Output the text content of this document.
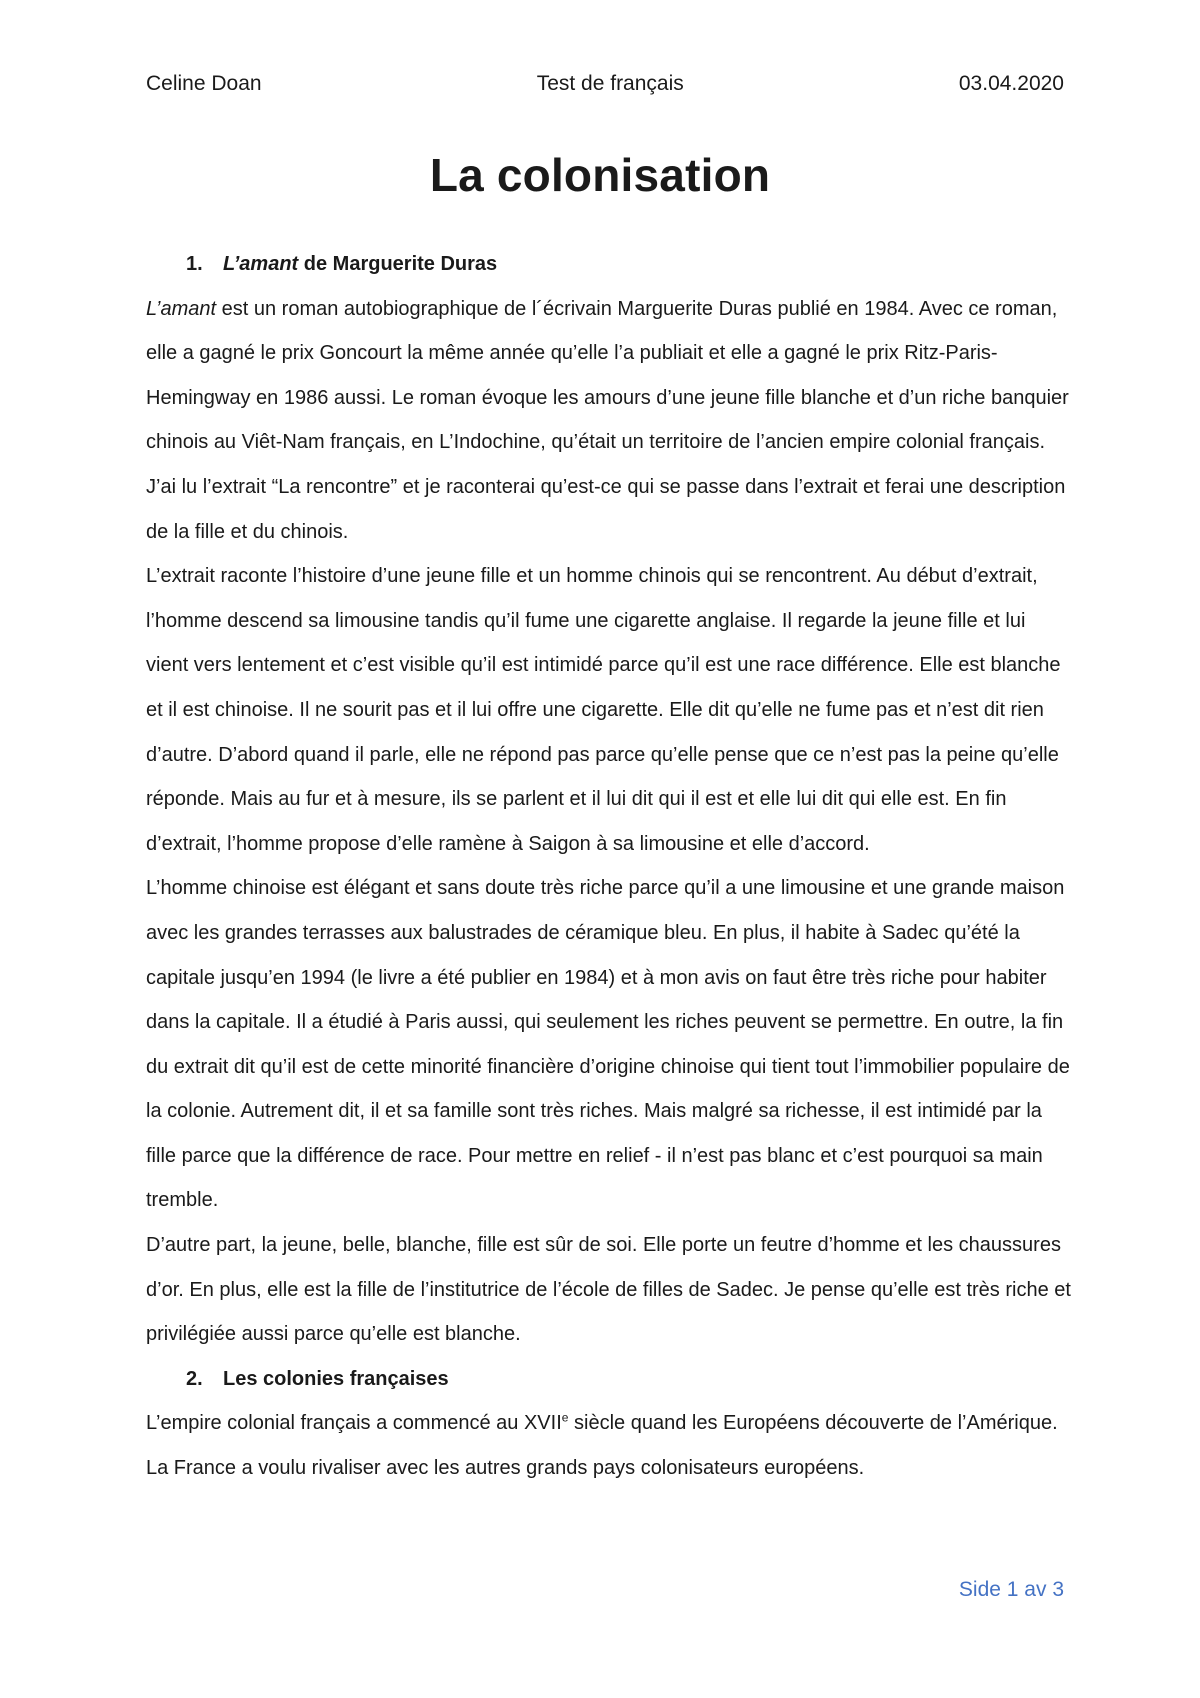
Celine Doan	Test de français	03.04.2020
La colonisation

1. L’amant de Marguerite Duras

L’amant est un roman autobiographique de l´écrivain Marguerite Duras publié en 1984. Avec ce roman, elle a gagné le prix Goncourt la même année qu’elle l’a publiait et elle a gagné le prix Ritz-Paris-Hemingway en 1986 aussi. Le roman évoque les amours d’une jeune fille blanche et d’un riche banquier chinois au Viêt-Nam français, en L’Indochine, qu’était un territoire de l’ancien empire colonial français. J’ai lu l’extrait “La rencontre” et je raconterai qu’est-ce qui se passe dans l’extrait et ferai une description de la fille et du chinois.

L’extrait raconte l’histoire d’une jeune fille et un homme chinois qui se rencontrent. Au début d’extrait, l’homme descend sa limousine tandis qu’il fume une cigarette anglaise. Il regarde la jeune fille et lui vient vers lentement et c’est visible qu’il est intimidé parce qu’il est une race différence. Elle est blanche et il est chinoise. Il ne sourit pas et il lui offre une cigarette. Elle dit qu’elle ne fume pas et n’est dit rien d’autre. D’abord quand il parle, elle ne répond pas parce qu’elle pense que ce n’est pas la peine qu’elle réponde. Mais au fur et à mesure, ils se parlent et il lui dit qui il est et elle lui dit qui elle est. En fin d’extrait, l’homme propose d’elle ramène à Saigon à sa limousine et elle d’accord.

L’homme chinoise est élégant et sans doute très riche parce qu’il a une limousine et une grande maison avec les grandes terrasses aux balustrades de céramique bleu. En plus, il habite à Sadec qu’été la capitale jusqu’en 1994 (le livre a été publier en 1984) et à mon avis on faut être très riche pour habiter dans la capitale. Il a étudié à Paris aussi, qui seulement les riches peuvent se permettre. En outre, la fin du extrait dit qu’il est de cette minorité financière d’origine chinoise qui tient tout l’immobilier populaire de la colonie. Autrement dit, il et sa famille sont très riches. Mais malgré sa richesse, il est intimidé par la fille parce que la différence de race. Pour mettre en relief - il n’est pas blanc et c’est pourquoi sa main tremble.

D’autre part, la jeune, belle, blanche, fille est sûr de soi. Elle porte un feutre d’homme et les chaussures d’or. En plus, elle est la fille de l’institutrice de l’école de filles de Sadec. Je pense qu’elle est très riche et privilégiée aussi parce qu’elle est blanche.

2. Les colonies françaises

L’empire colonial français a commencé au XVIIe siècle quand les Européens découverte de l’Amérique. La France a voulu rivaliser avec les autres grands pays colonisateurs européens.

Side 1 av 3
